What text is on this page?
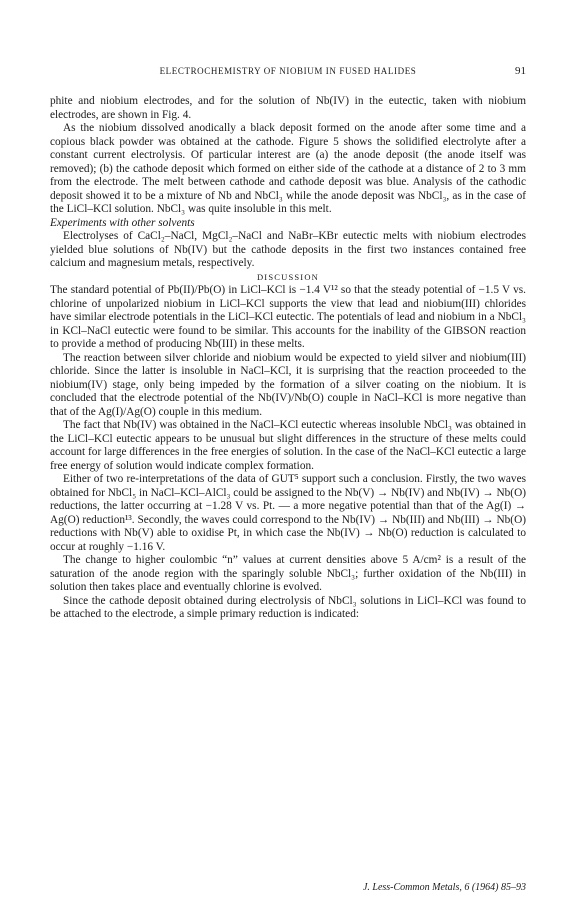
ELECTROCHEMISTRY OF NIOBIUM IN FUSED HALIDES	91

phite and niobium electrodes, and for the solution of Nb(IV) in the eutectic, taken with niobium electrodes, are shown in Fig. 4.

As the niobium dissolved anodically a black deposit formed on the anode after some time and a copious black powder was obtained at the cathode. Figure 5 shows the solidified electrolyte after a constant current electrolysis. Of particular interest are (a) the anode deposit (the anode itself was removed); (b) the cathode deposit which formed on either side of the cathode at a distance of 2 to 3 mm from the electrode. The melt between cathode and cathode deposit was blue. Analysis of the cathodic deposit showed it to be a mixture of Nb and NbCl₃ while the anode deposit was NbCl₃, as in the case of the LiCl–KCl solution. NbCl₃ was quite insoluble in this melt.

Experiments with other solvents

Electrolyses of CaCl₂–NaCl, MgCl₂–NaCl and NaBr–KBr eutectic melts with niobium electrodes yielded blue solutions of Nb(IV) but the cathode deposits in the first two instances contained free calcium and magnesium metals, respectively.

DISCUSSION

The standard potential of Pb(II)/Pb(O) in LiCl–KCl is −1.4 V¹² so that the steady potential of −1.5 V vs. chlorine of unpolarized niobium in LiCl–KCl supports the view that lead and niobium(III) chlorides have similar electrode potentials in the LiCl–KCl eutectic. The potentials of lead and niobium in a NbCl₃ in KCl–NaCl eutectic were found to be similar. This accounts for the inability of the GIBSON reaction to provide a method of producing Nb(III) in these melts.

The reaction between silver chloride and niobium would be expected to yield silver and niobium(III) chloride. Since the latter is insoluble in NaCl–KCl, it is surprising that the reaction proceeded to the niobium(IV) stage, only being impeded by the formation of a silver coating on the niobium. It is concluded that the electrode potential of the Nb(IV)/Nb(O) couple in NaCl–KCl is more negative than that of the Ag(I)/Ag(O) couple in this medium.

The fact that Nb(IV) was obtained in the NaCl–KCl eutectic whereas insoluble NbCl₃ was obtained in the LiCl–KCl eutectic appears to be unusual but slight differences in the structure of these melts could account for large differences in the free energies of solution. In the case of the NaCl–KCl eutectic a large free energy of solution would indicate complex formation.

Either of two re-interpretations of the data of GUT⁵ support such a conclusion. Firstly, the two waves obtained for NbCl₅ in NaCl–KCl–AlCl₃ could be assigned to the Nb(V) → Nb(IV) and Nb(IV) → Nb(O) reductions, the latter occurring at −1.28 V vs. Pt. — a more negative potential than that of the Ag(I) → Ag(O) reduction¹³. Secondly, the waves could correspond to the Nb(IV) → Nb(III) and Nb(III) → Nb(O) reductions with Nb(V) able to oxidise Pt, in which case the Nb(IV) → Nb(O) reduction is calculated to occur at roughly −1.16 V.

The change to higher coulombic “n” values at current densities above 5 A/cm² is a result of the saturation of the anode region with the sparingly soluble NbCl₃; further oxidation of the Nb(III) in solution then takes place and eventually chlorine is evolved.

Since the cathode deposit obtained during electrolysis of NbCl₃ solutions in LiCl–KCl was found to be attached to the electrode, a simple primary reduction is indicated:

J. Less-Common Metals, 6 (1964) 85–93
